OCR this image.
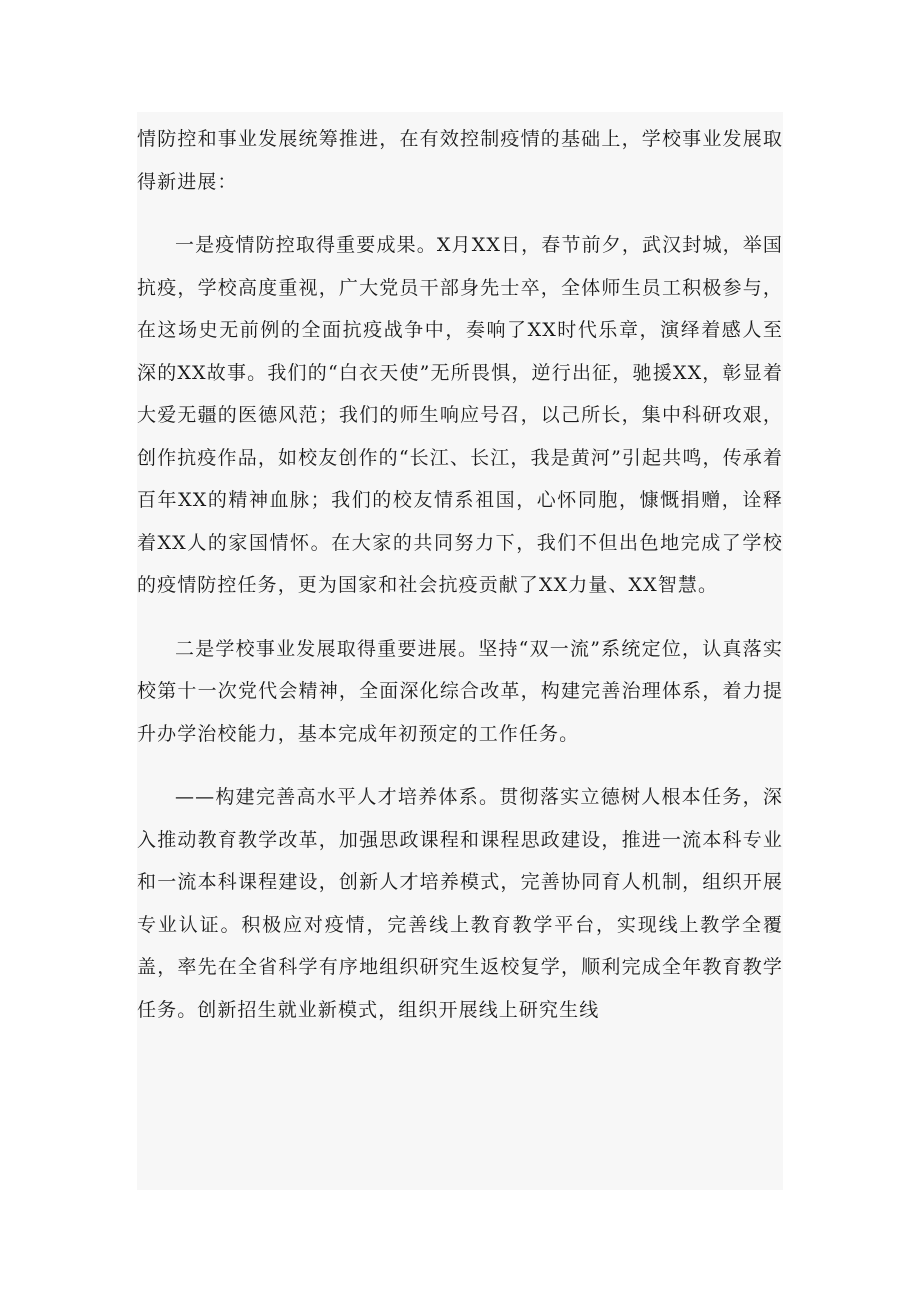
情防控和事业发展统筹推进，在有效控制疫情的基础上，学校事业发展取得新进展：

一是疫情防控取得重要成果。X月XX日，春节前夕，武汉封城，举国抗疫，学校高度重视，广大党员干部身先士卒，全体师生员工积极参与，在这场史无前例的全面抗疫战争中，奏响了XX时代乐章，演绎着感人至深的XX故事。我们的“白衣天使”无所畏惧，逆行出征，驰援XX，彰显着大爱无疆的医德风范；我们的师生响应号召，以己所长，集中科研攻艰，创作抗疫作品，如校友创作的“长江、长江，我是黄河”引起共鸣，传承着百年XX的精神血脉；我们的校友情系祖国，心怀同胞，慷慨捐赠，诠释着XX人的家国情怀。在大家的共同努力下，我们不但出色地完成了学校的疫情防控任务，更为国家和社会抗疫贡献了XX力量、XX智慧。

二是学校事业发展取得重要进展。坚持“双一流”系统定位，认真落实校第十一次党代会精神，全面深化综合改革，构建完善治理体系，着力提升办学治校能力，基本完成年初预定的工作任务。

——构建完善高水平人才培养体系。贯彻落实立德树人根本任务，深入推动教育教学改革，加强思政课程和课程思政建设，推进一流本科专业和一流本科课程建设，创新人才培养模式，完善协同育人机制，组织开展专业认证。积极应对疫情，完善线上教育教学平台，实现线上教学全覆盖，率先在全省科学有序地组织研究生返校复学，顺利完成全年教育教学任务。创新招生就业新模式，组织开展线上研究生线
